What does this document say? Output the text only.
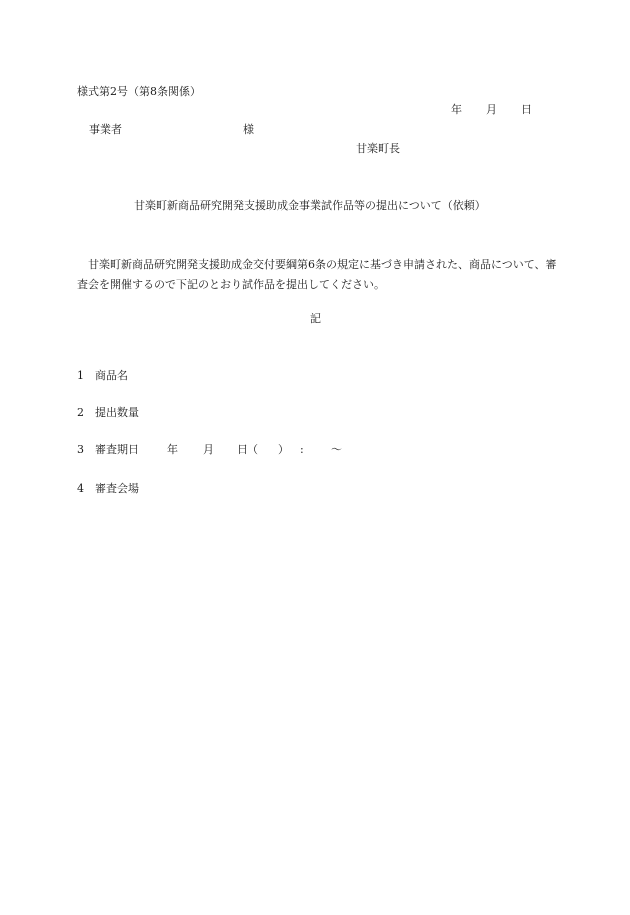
様式第2号（第8条関係）
年 月 日
事業者	様
甘楽町長
甘楽町新商品研究開発支援助成金事業試作品等の提出について（依頼）
甘楽町新商品研究開発支援助成金交付要綱第6条の規定に基づき申請された、商品について、審査会を開催するので下記のとおり試作品を提出してください。
記
1 商品名
2 提出数量
3 審査期日	年 月 日 （ ） : 〜
4 審査会場
